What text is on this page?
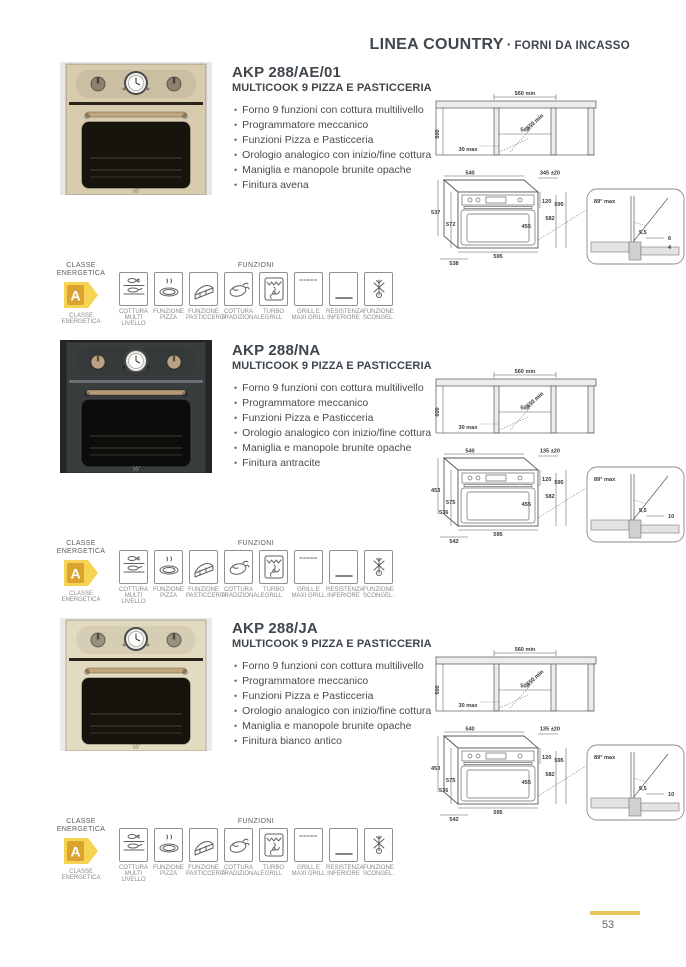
LINEA COUNTRY · FORNI DA INCASSO
W
AKP 288/AE/01
MULTICOOK 9 PIZZA E PASTICCERIA
• Forno 9 funzioni con cottura multilivello
• Programmatore meccanico
• Funzioni Pizza e Pasticceria
• Orologio analogico con inizio/fine cottura
• Maniglia e manopole brunite opache
• Finitura avena
560 min
600	500
550 min
30 max
540	345 ±20
120 595
582
455
537
572
595
538
89° max
5,5
6
4
CLASSE
ENERGETICA
A
CLASSE ENERGETICA
FUNZIONI
COTTURA MULTI LIVELLO
FUNZIONE PIZZA
FUNZIONE PASTICCERIA
COTTURA TRADIZIONALE
TURBO GRILL
GRILL E MAXI GRILL
RESISTENZA INFERIORE
FUNZIONE SCONGEL.
W
AKP 288/NA
MULTICOOK 9 PIZZA E PASTICCERIA
• Forno 9 funzioni con cottura multilivello
• Programmatore meccanico
• Funzioni Pizza e Pasticceria
• Orologio analogico con inizio/fine cottura
• Maniglia e manopole brunite opache
• Finitura antracite
560 min
600	500
550 min
30 max
540	135 ±20
120 595
582
455
453
575
536
595
542
89° max
5,5
10
CLASSE
ENERGETICA
A
CLASSE ENERGETICA
FUNZIONI
COTTURA MULTI LIVELLO
FUNZIONE PIZZA
FUNZIONE PASTICCERIA
COTTURA TRADIZIONALE
TURBO GRILL
GRILL E MAXI GRILL
RESISTENZA INFERIORE
FUNZIONE SCONGEL.
W
AKP 288/JA
MULTICOOK 9 PIZZA E PASTICCERIA
• Forno 9 funzioni con cottura multilivello
• Programmatore meccanico
• Funzioni Pizza e Pasticceria
• Orologio analogico con inizio/fine cottura
• Maniglia e manopole brunite opache
• Finitura bianco antico
560 min
600	500
550 min
30 max
540	135 ±20
120 595
582
455
453
575
536
595
542
89° max
5,5
10
CLASSE
ENERGETICA
A
CLASSE ENERGETICA
FUNZIONI
COTTURA MULTI LIVELLO
FUNZIONE PIZZA
FUNZIONE PASTICCERIA
COTTURA TRADIZIONALE
TURBO GRILL
GRILL E MAXI GRILL
RESISTENZA INFERIORE
FUNZIONE SCONGEL.
53
